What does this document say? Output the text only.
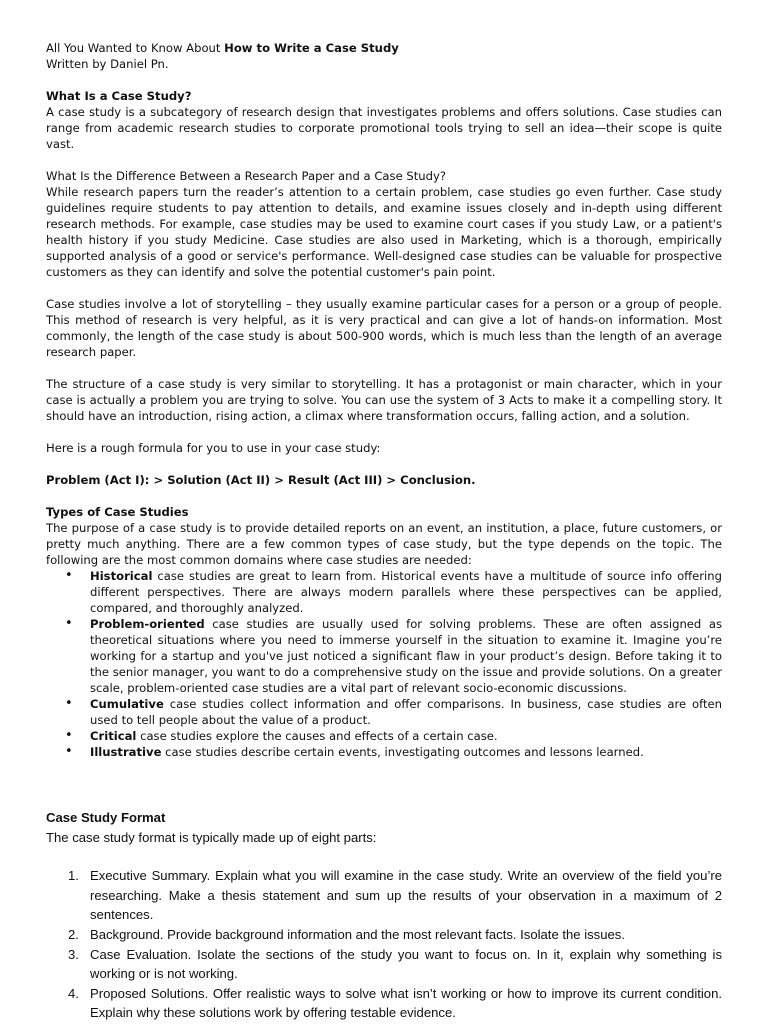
All You Wanted to Know About How to Write a Case Study

Written by Daniel Pn.

What Is a Case Study?

A case study is a subcategory of research design that investigates problems and offers solutions. Case studies can range from academic research studies to corporate promotional tools trying to sell an idea—their scope is quite vast.

What Is the Difference Between a Research Paper and a Case Study?

While research papers turn the reader’s attention to a certain problem, case studies go even further. Case study guidelines require students to pay attention to details, and examine issues closely and in-depth using different research methods. For example, case studies may be used to examine court cases if you study Law, or a patient's health history if you study Medicine. Case studies are also used in Marketing, which is a thorough, empirically supported analysis of a good or service's performance. Well-designed case studies can be valuable for prospective customers as they can identify and solve the potential customer's pain point.

Case studies involve a lot of storytelling – they usually examine particular cases for a person or a group of people. This method of research is very helpful, as it is very practical and can give a lot of hands-on information. Most commonly, the length of the case study is about 500-900 words, which is much less than the length of an average research paper.

The structure of a case study is very similar to storytelling. It has a protagonist or main character, which in your case is actually a problem you are trying to solve. You can use the system of 3 Acts to make it a compelling story. It should have an introduction, rising action, a climax where transformation occurs, falling action, and a solution.

Here is a rough formula for you to use in your case study:

Problem (Act I): > Solution (Act II) > Result (Act III) > Conclusion.

Types of Case Studies

The purpose of a case study is to provide detailed reports on an event, an institution, a place, future customers, or pretty much anything. There are a few common types of case study, but the type depends on the topic. The following are the most common domains where case studies are needed:

• Historical case studies are great to learn from. Historical events have a multitude of source info offering different perspectives. There are always modern parallels where these perspectives can be applied, compared, and thoroughly analyzed.
• Problem-oriented case studies are usually used for solving problems. These are often assigned as theoretical situations where you need to immerse yourself in the situation to examine it. Imagine you’re working for a startup and you've just noticed a significant flaw in your product’s design. Before taking it to the senior manager, you want to do a comprehensive study on the issue and provide solutions. On a greater scale, problem-oriented case studies are a vital part of relevant socio-economic discussions.
• Cumulative case studies collect information and offer comparisons. In business, case studies are often used to tell people about the value of a product.
• Critical case studies explore the causes and effects of a certain case.
• Illustrative case studies describe certain events, investigating outcomes and lessons learned.

Case Study Format

The case study format is typically made up of eight parts:

1. Executive Summary. Explain what you will examine in the case study. Write an overview of the field you’re researching. Make a thesis statement and sum up the results of your observation in a maximum of 2 sentences.
2. Background. Provide background information and the most relevant facts. Isolate the issues.
3. Case Evaluation. Isolate the sections of the study you want to focus on. In it, explain why something is working or is not working.
4. Proposed Solutions. Offer realistic ways to solve what isn’t working or how to improve its current condition. Explain why these solutions work by offering testable evidence.
